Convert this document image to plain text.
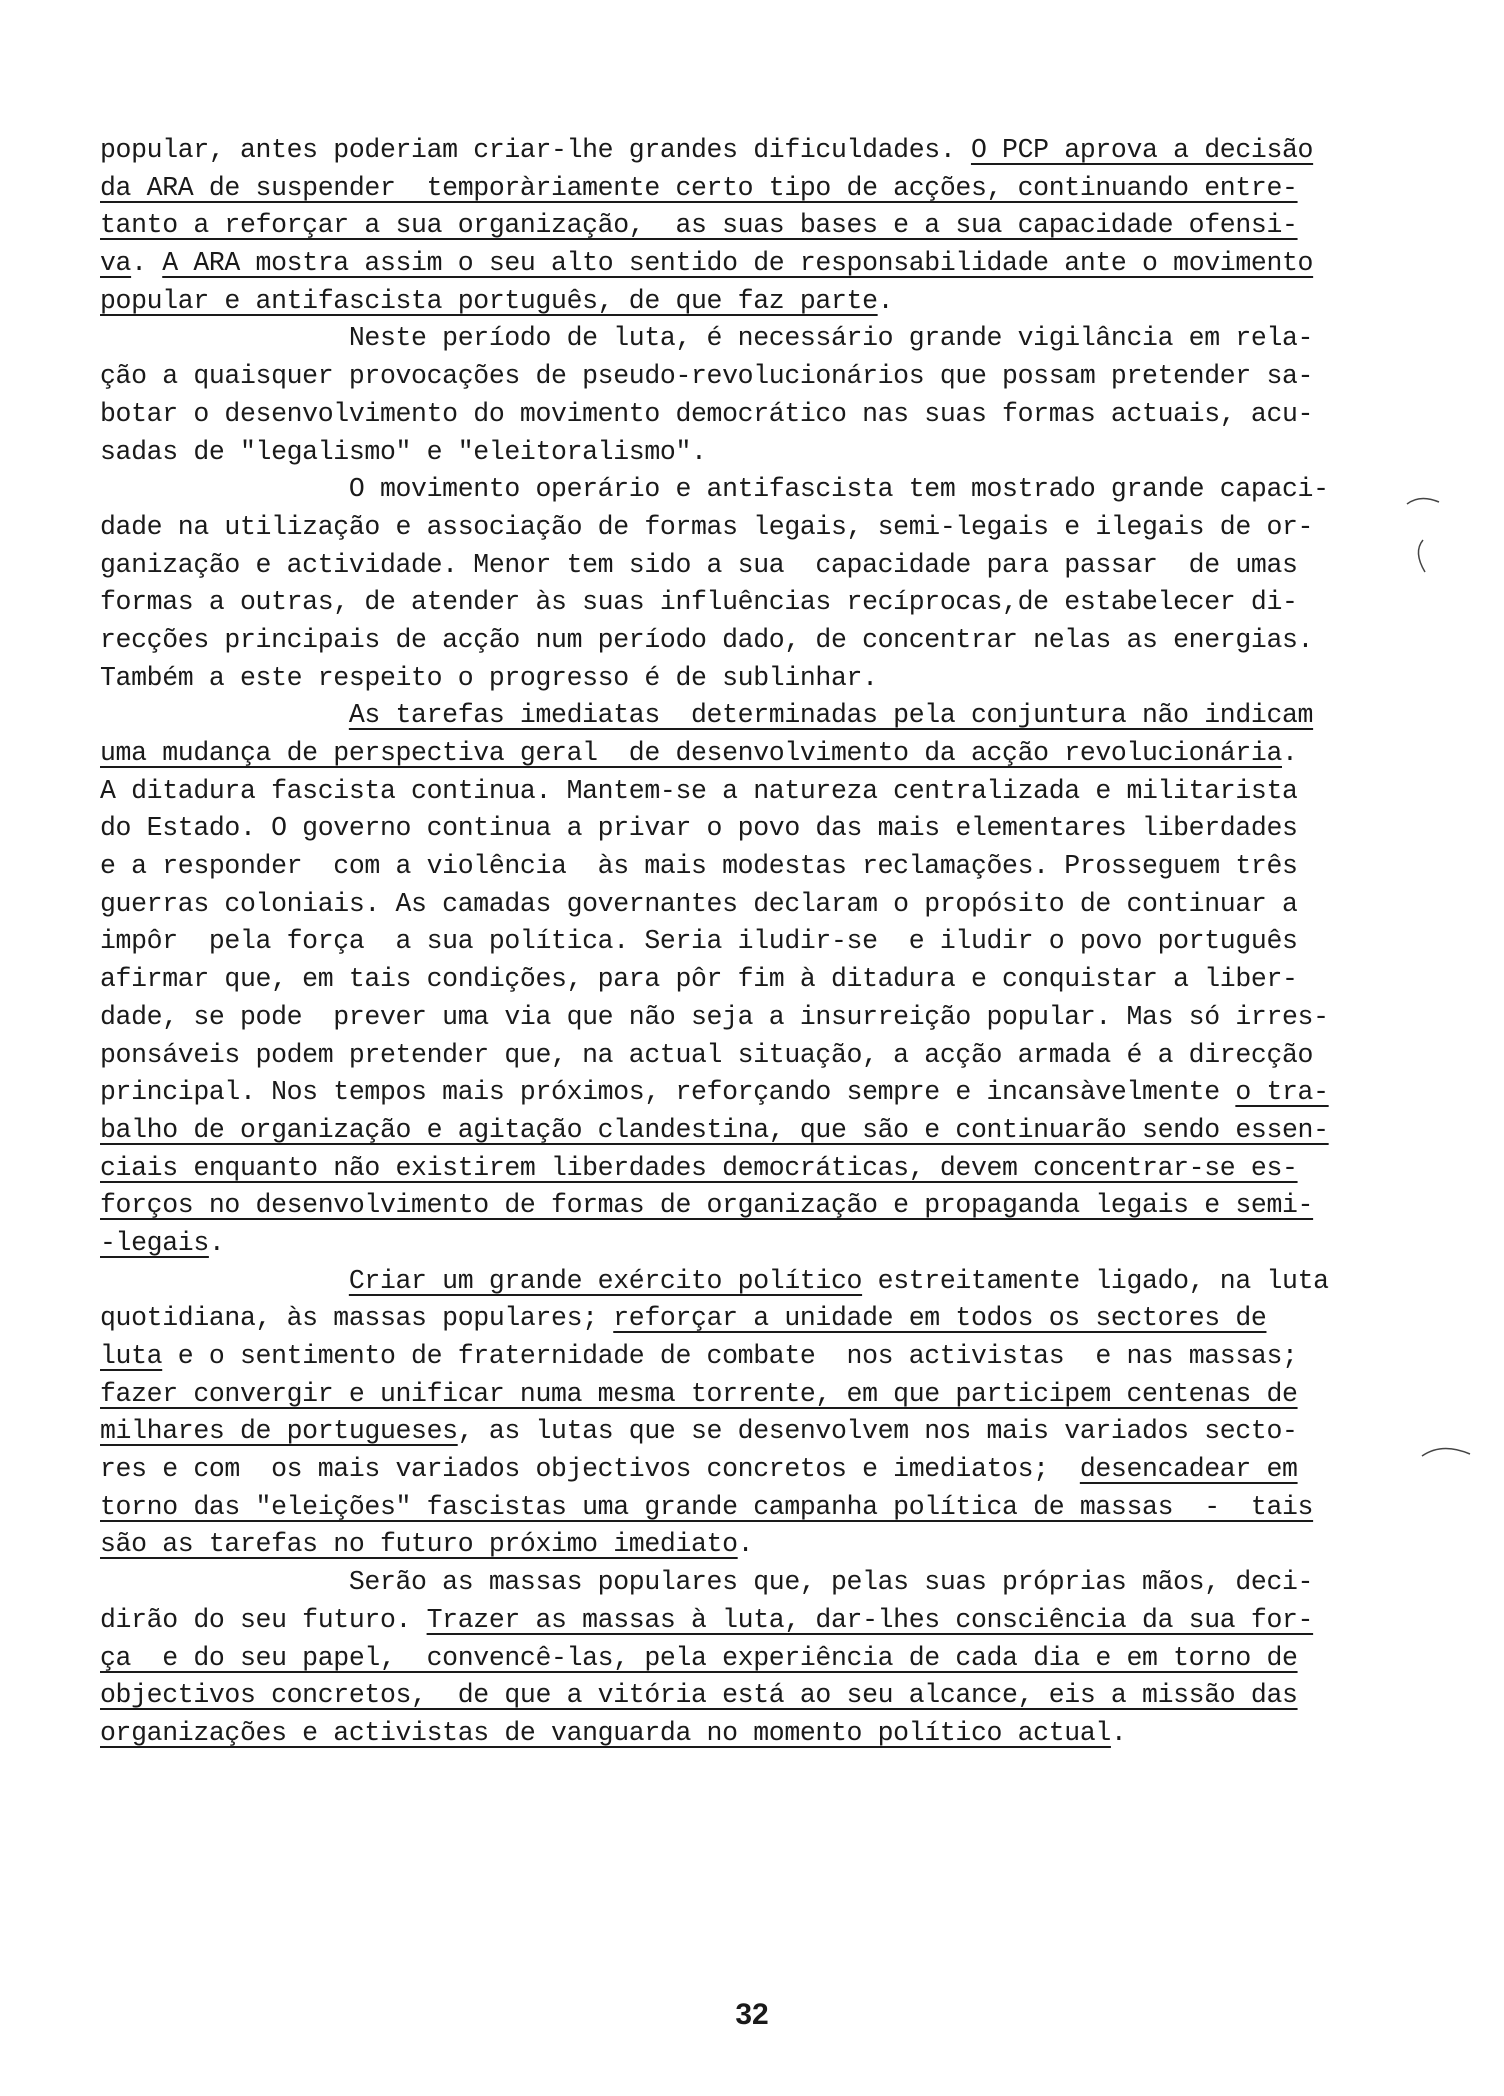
popular, antes poderiam criar-lhe grandes dificuldades. O PCP aprova a decisão
da ARA de suspender  temporàriamente certo tipo de acções, continuando entre-
tanto a reforçar a sua organização,  as suas bases e a sua capacidade ofensi-
va. A ARA mostra assim o seu alto sentido de responsabilidade ante o movimento
popular e antifascista português, de que faz parte.
Neste período de luta, é necessário grande vigilância em rela-
ção a quaisquer provocações de pseudo-revolucionários que possam pretender sa-
botar o desenvolvimento do movimento democrático nas suas formas actuais, acu-
sadas de "legalismo" e "eleitoralismo".
O movimento operário e antifascista tem mostrado grande capaci-
dade na utilização e associação de formas legais, semi-legais e ilegais de or-
ganização e actividade. Menor tem sido a sua  capacidade para passar  de umas
formas a outras, de atender às suas influências recíprocas,de estabelecer di-
recções principais de acção num período dado, de concentrar nelas as energias.
Também a este respeito o progresso é de sublinhar.
As tarefas imediatas  determinadas pela conjuntura não indicam
uma mudança de perspectiva geral  de desenvolvimento da acção revolucionária.
A ditadura fascista continua. Mantem-se a natureza centralizada e militarista
do Estado. O governo continua a privar o povo das mais elementares liberdades
e a responder  com a violência  às mais modestas reclamações. Prosseguem três
guerras coloniais. As camadas governantes declaram o propósito de continuar a
impôr  pela força  a sua política. Seria iludir-se  e iludir o povo português
afirmar que, em tais condições, para pôr fim à ditadura e conquistar a liber-
dade, se pode  prever uma via que não seja a insurreição popular. Mas só irres-
ponsáveis podem pretender que, na actual situação, a acção armada é a direcção
principal. Nos tempos mais próximos, reforçando sempre e incansàvelmente o tra-
balho de organização e agitação clandestina, que são e continuarão sendo essen-
ciais enquanto não existirem liberdades democráticas, devem concentrar-se es-
forços no desenvolvimento de formas de organização e propaganda legais e semi-
-legais.
Criar um grande exército político estreitamente ligado, na luta
quotidiana, às massas populares; reforçar a unidade em todos os sectores de
luta e o sentimento de fraternidade de combate  nos activistas  e nas massas;
fazer convergir e unificar numa mesma torrente, em que participem centenas de
milhares de portugueses, as lutas que se desenvolvem nos mais variados secto-
res e com  os mais variados objectivos concretos e imediatos;  desencadear em
torno das "eleições" fascistas uma grande campanha política de massas  -  tais
são as tarefas no futuro próximo imediato.
Serão as massas populares que, pelas suas próprias mãos, deci-
dirão do seu futuro. Trazer as massas à luta, dar-lhes consciência da sua for-
ça  e do seu papel,  convencê-las, pela experiência de cada dia e em torno de
objectivos concretos,  de que a vitória está ao seu alcance, eis a missão das
organizações e activistas de vanguarda no momento político actual.
32
